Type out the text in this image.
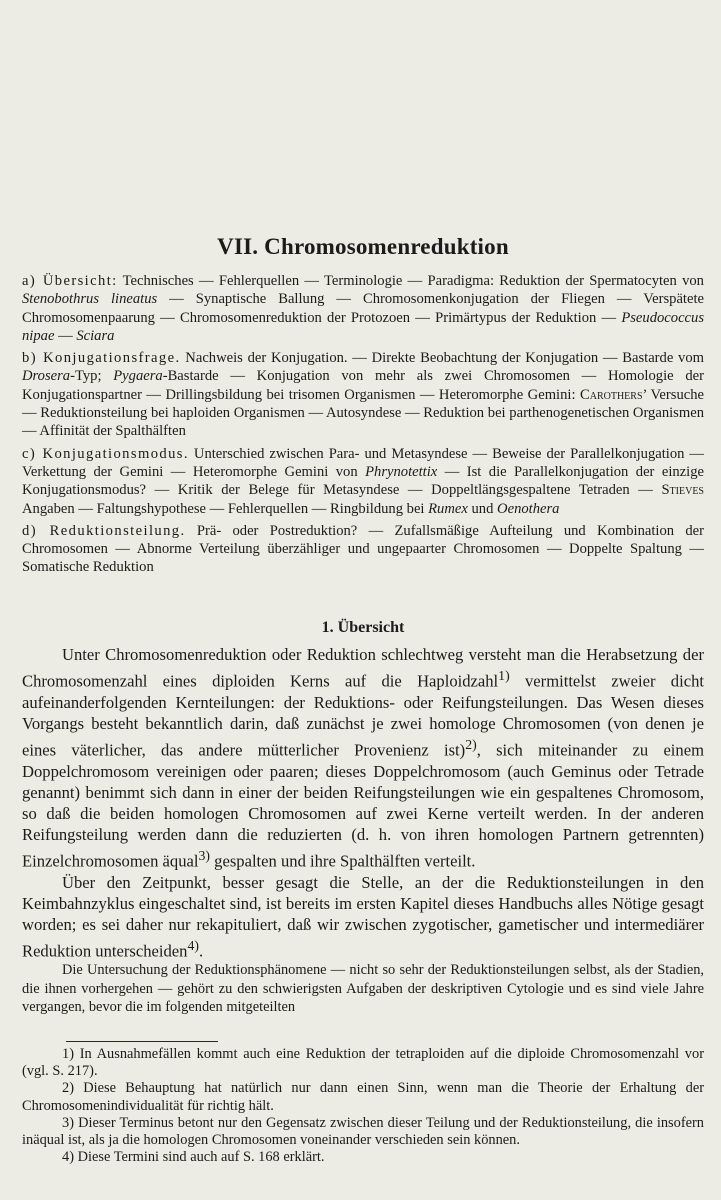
VII. Chromosomenreduktion

a) Übersicht: Technisches — Fehlerquellen — Terminologie — Paradigma: Reduktion der Spermatocyten von Stenobothrus lineatus — Synaptische Ballung — Chromosomenkonjugation der Fliegen — Verspätete Chromosomenpaarung — Chromosomenreduktion der Protozoen — Primärtypus der Reduktion — Pseudococcus nipae — Sciara

b) Konjugationsfrage. Nachweis der Konjugation. — Direkte Beobachtung der Konjugation — Bastarde vom Drosera-Typ; Pygaera-Bastarde — Konjugation von mehr als zwei Chromosomen — Homologie der Konjugationspartner — Drillingsbildung bei trisomen Organismen — Heteromorphe Gemini: Carothers’ Versuche — Reduktionsteilung bei haploiden Organismen — Autosyndese — Reduktion bei parthenogenetischen Organismen — Affinität der Spalthälften

c) Konjugationsmodus. Unterschied zwischen Para- und Metasyndese — Beweise der Parallelkonjugation — Verkettung der Gemini — Heteromorphe Gemini von Phrynotettix — Ist die Parallelkonjugation der einzige Konjugationsmodus? — Kritik der Belege für Metasyndese — Doppeltlängsgespaltene Tetraden — Stieves Angaben — Faltungshypothese — Fehlerquellen — Ringbildung bei Rumex und Oenothera

d) Reduktionsteilung. Prä- oder Postreduktion? — Zufallsmäßige Aufteilung und Kombination der Chromosomen — Abnorme Verteilung überzähliger und ungepaarter Chromosomen — Doppelte Spaltung — Somatische Reduktion

1. Übersicht

Unter Chromosomenreduktion oder Reduktion schlechtweg versteht man die Herabsetzung der Chromosomenzahl eines diploiden Kerns auf die Haploidzahl$^{1)}$ vermittelst zweier dicht aufeinanderfolgenden Kernteilungen: der Reduktions- oder Reifungsteilungen. Das Wesen dieses Vorgangs besteht bekanntlich darin, daß zunächst je zwei homologe Chromosomen (von denen je eines väterlicher, das andere mütterlicher Provenienz ist)$^{2)}$, sich miteinander zu einem Doppelchromosom vereinigen oder paaren; dieses Doppelchromosom (auch Geminus oder Tetrade genannt) benimmt sich dann in einer der beiden Reifungsteilungen wie ein gespaltenes Chromosom, so daß die beiden homologen Chromosomen auf zwei Kerne verteilt werden. In der anderen Reifungsteilung werden dann die reduzierten (d. h. von ihren homologen Partnern getrennten) Einzelchromosomen äqual$^{3)}$ gespalten und ihre Spalthälften verteilt.

Über den Zeitpunkt, besser gesagt die Stelle, an der die Reduktionsteilungen in den Keimbahnzyklus eingeschaltet sind, ist bereits im ersten Kapitel dieses Handbuchs alles Nötige gesagt worden; es sei daher nur rekapituliert, daß wir zwischen zygotischer, gametischer und intermediärer Reduktion unterscheiden$^{4)}$.

Die Untersuchung der Reduktionsphänomene — nicht so sehr der Reduktionsteilungen selbst, als der Stadien, die ihnen vorhergehen — gehört zu den schwierigsten Aufgaben der deskriptiven Cytologie und es sind viele Jahre vergangen, bevor die im folgenden mitgeteilten

1) In Ausnahmefällen kommt auch eine Reduktion der tetraploiden auf die diploide Chromosomenzahl vor (vgl. S. 217).

2) Diese Behauptung hat natürlich nur dann einen Sinn, wenn man die Theorie der Erhaltung der Chromosomenindividualität für richtig hält.

3) Dieser Terminus betont nur den Gegensatz zwischen dieser Teilung und der Reduktionsteilung, die insofern inäqual ist, als ja die homologen Chromosomen voneinander verschieden sein können.

4) Diese Termini sind auch auf S. 168 erklärt.
